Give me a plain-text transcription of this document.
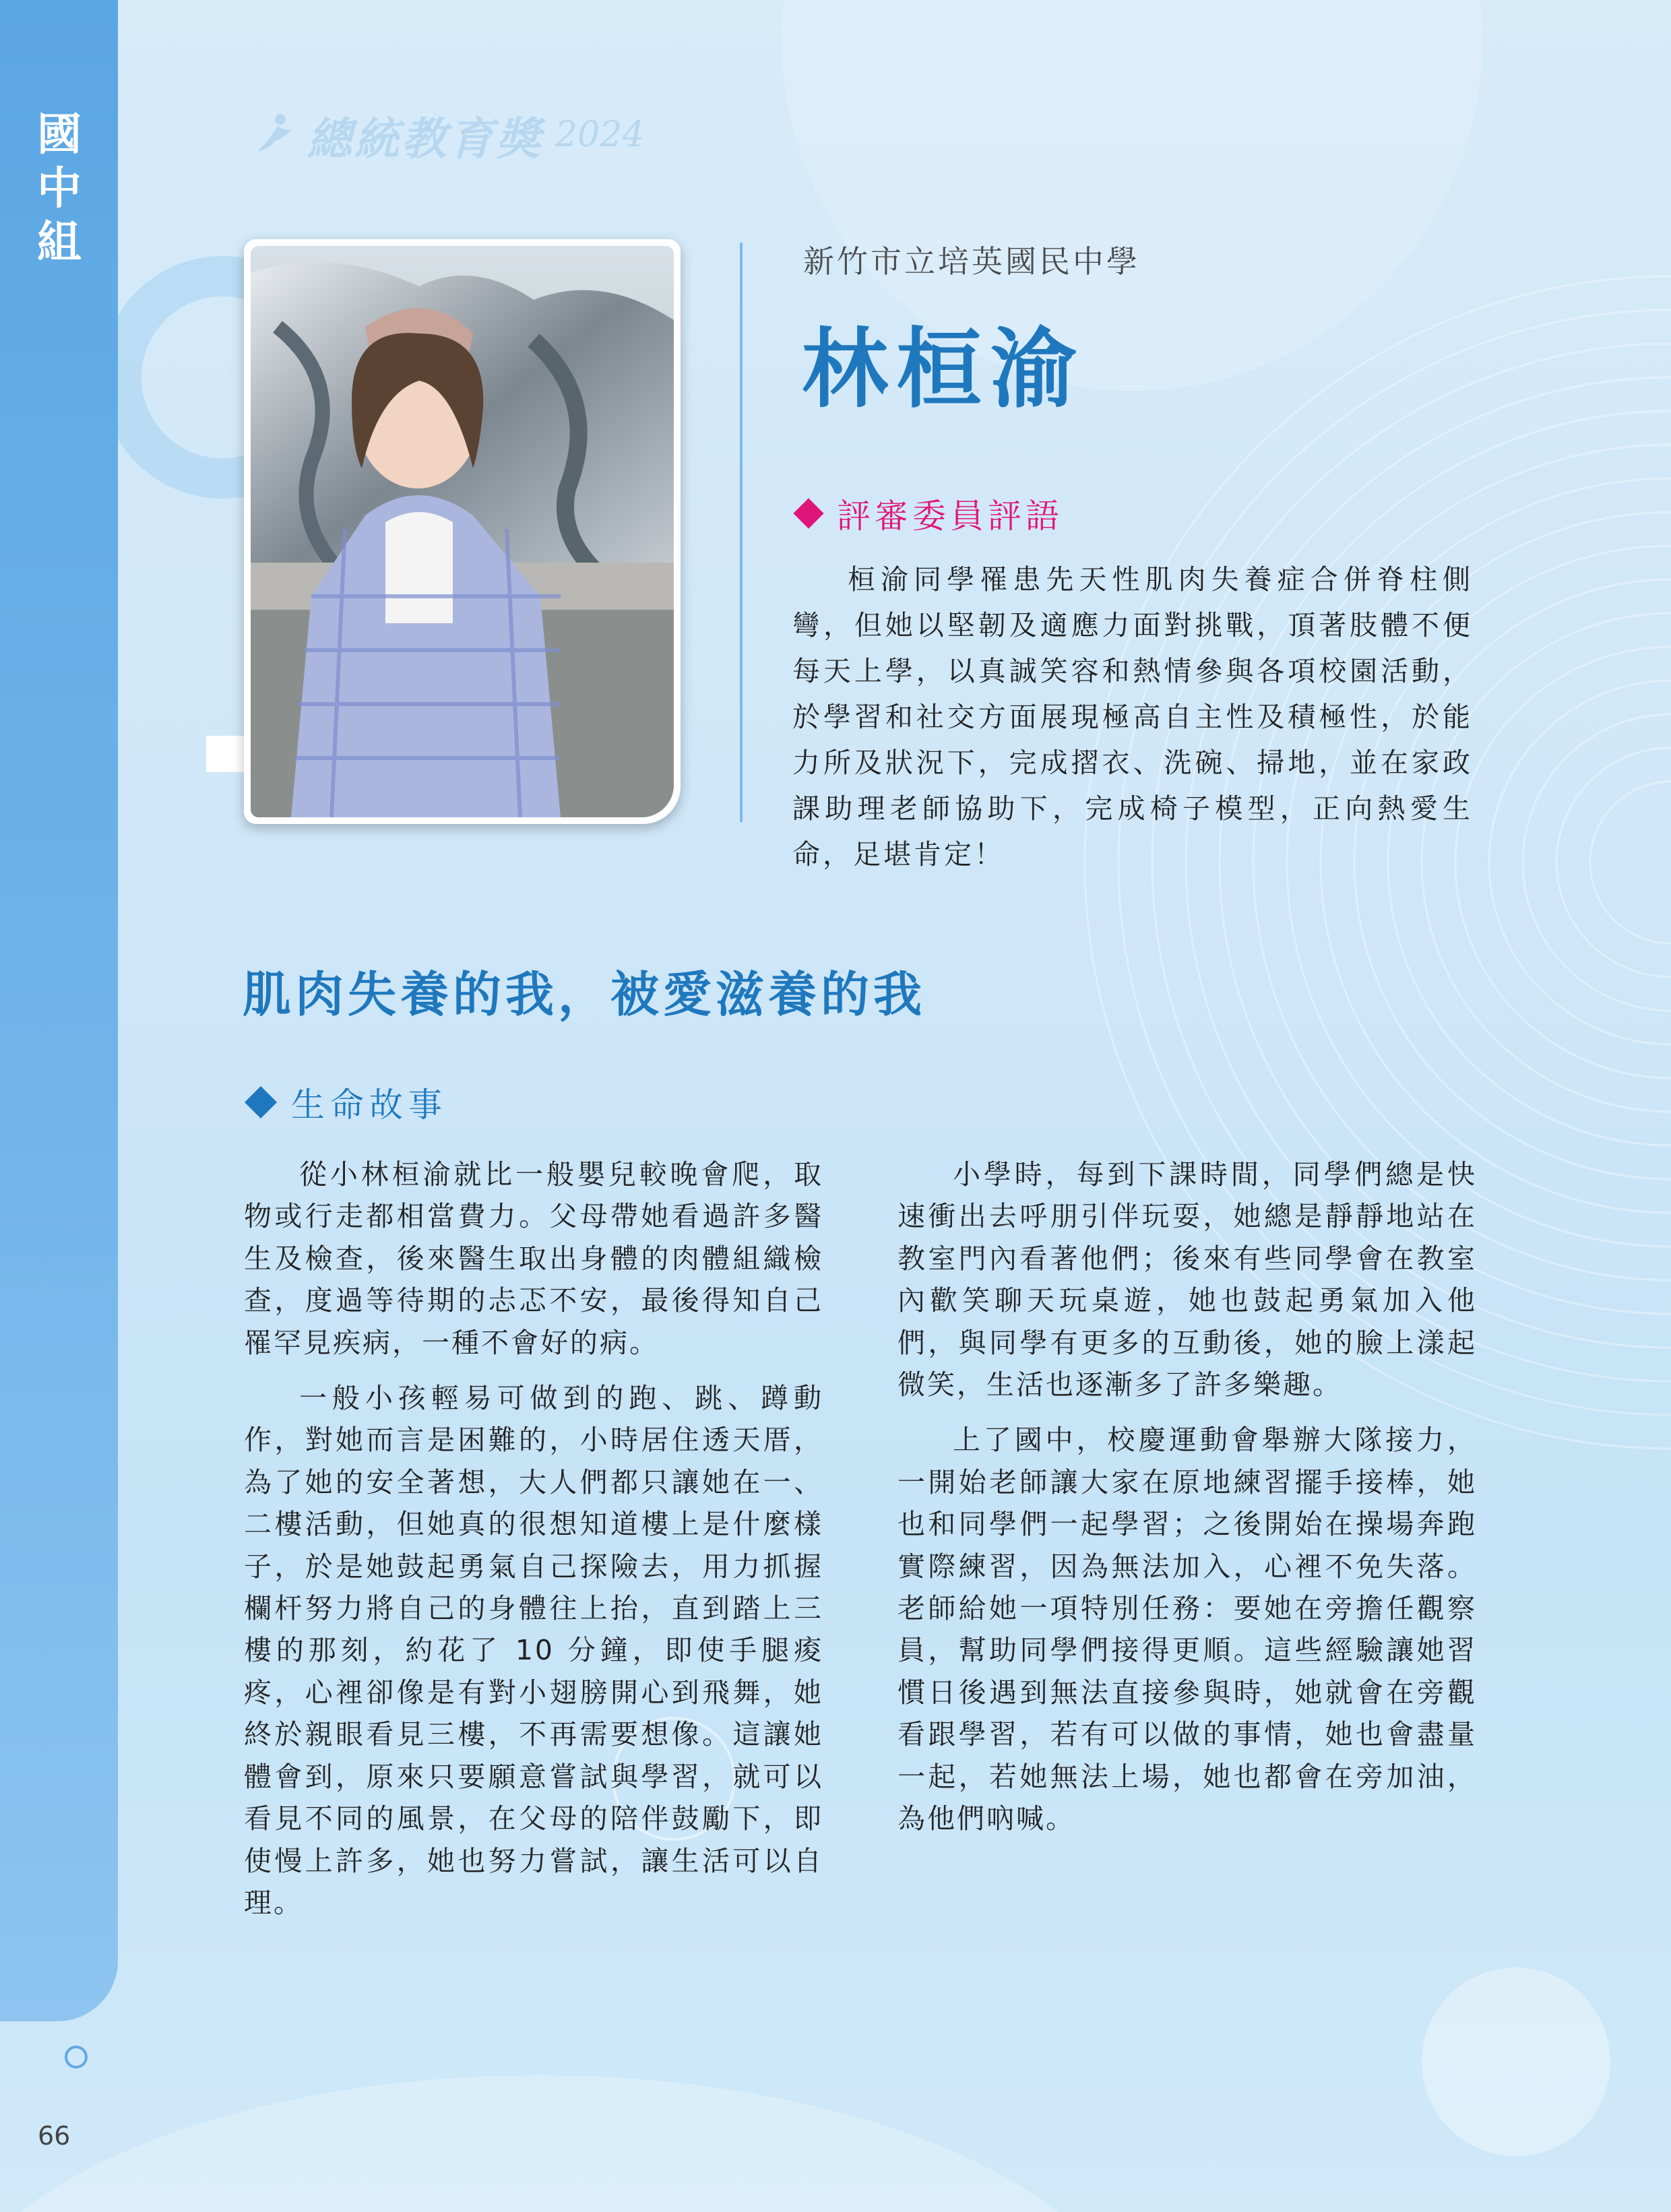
國
中
組
66
總統教育獎 2024
新竹市立培英國民中學
林桓渝
評審委員評語

桓渝同學罹患先天性肌肉失養症合併脊柱側彎，但她以堅韌及適應力面對挑戰，頂著肢體不便每天上學，以真誠笑容和熱情參與各項校園活動，於學習和社交方面展現極高自主性及積極性，於能力所及狀況下，完成摺衣、洗碗、掃地，並在家政課助理老師協助下，完成椅子模型，正向熱愛生命，足堪肯定！

肌肉失養的我，被愛滋養的我
生命故事

從小林桓渝就比一般嬰兒較晚會爬，取物或行走都相當費力。父母帶她看過許多醫生及檢查，後來醫生取出身體的肉體組織檢查，度過等待期的忐忑不安，最後得知自己罹罕見疾病，一種不會好的病。

一般小孩輕易可做到的跑、跳、蹲動作，對她而言是困難的，小時居住透天厝，為了她的安全著想，大人們都只讓她在一、二樓活動，但她真的很想知道樓上是什麼樣子，於是她鼓起勇氣自己探險去，用力抓握欄杆努力將自己的身體往上抬，直到踏上三樓的那刻，約花了 10 分鐘，即使手腿痠疼，心裡卻像是有對小翅膀開心到飛舞，她終於親眼看見三樓，不再需要想像。這讓她體會到，原來只要願意嘗試與學習，就可以看見不同的風景，在父母的陪伴鼓勵下，即使慢上許多，她也努力嘗試，讓生活可以自理。

小學時，每到下課時間，同學們總是快速衝出去呼朋引伴玩耍，她總是靜靜地站在教室門內看著他們；後來有些同學會在教室內歡笑聊天玩桌遊，她也鼓起勇氣加入他們，與同學有更多的互動後，她的臉上漾起微笑，生活也逐漸多了許多樂趣。

上了國中，校慶運動會舉辦大隊接力，一開始老師讓大家在原地練習擺手接棒，她也和同學們一起學習；之後開始在操場奔跑實際練習，因為無法加入，心裡不免失落。老師給她一項特別任務：要她在旁擔任觀察員，幫助同學們接得更順。這些經驗讓她習慣日後遇到無法直接參與時，她就會在旁觀看跟學習，若有可以做的事情，她也會盡量一起，若她無法上場，她也都會在旁加油，為他們吶喊。
